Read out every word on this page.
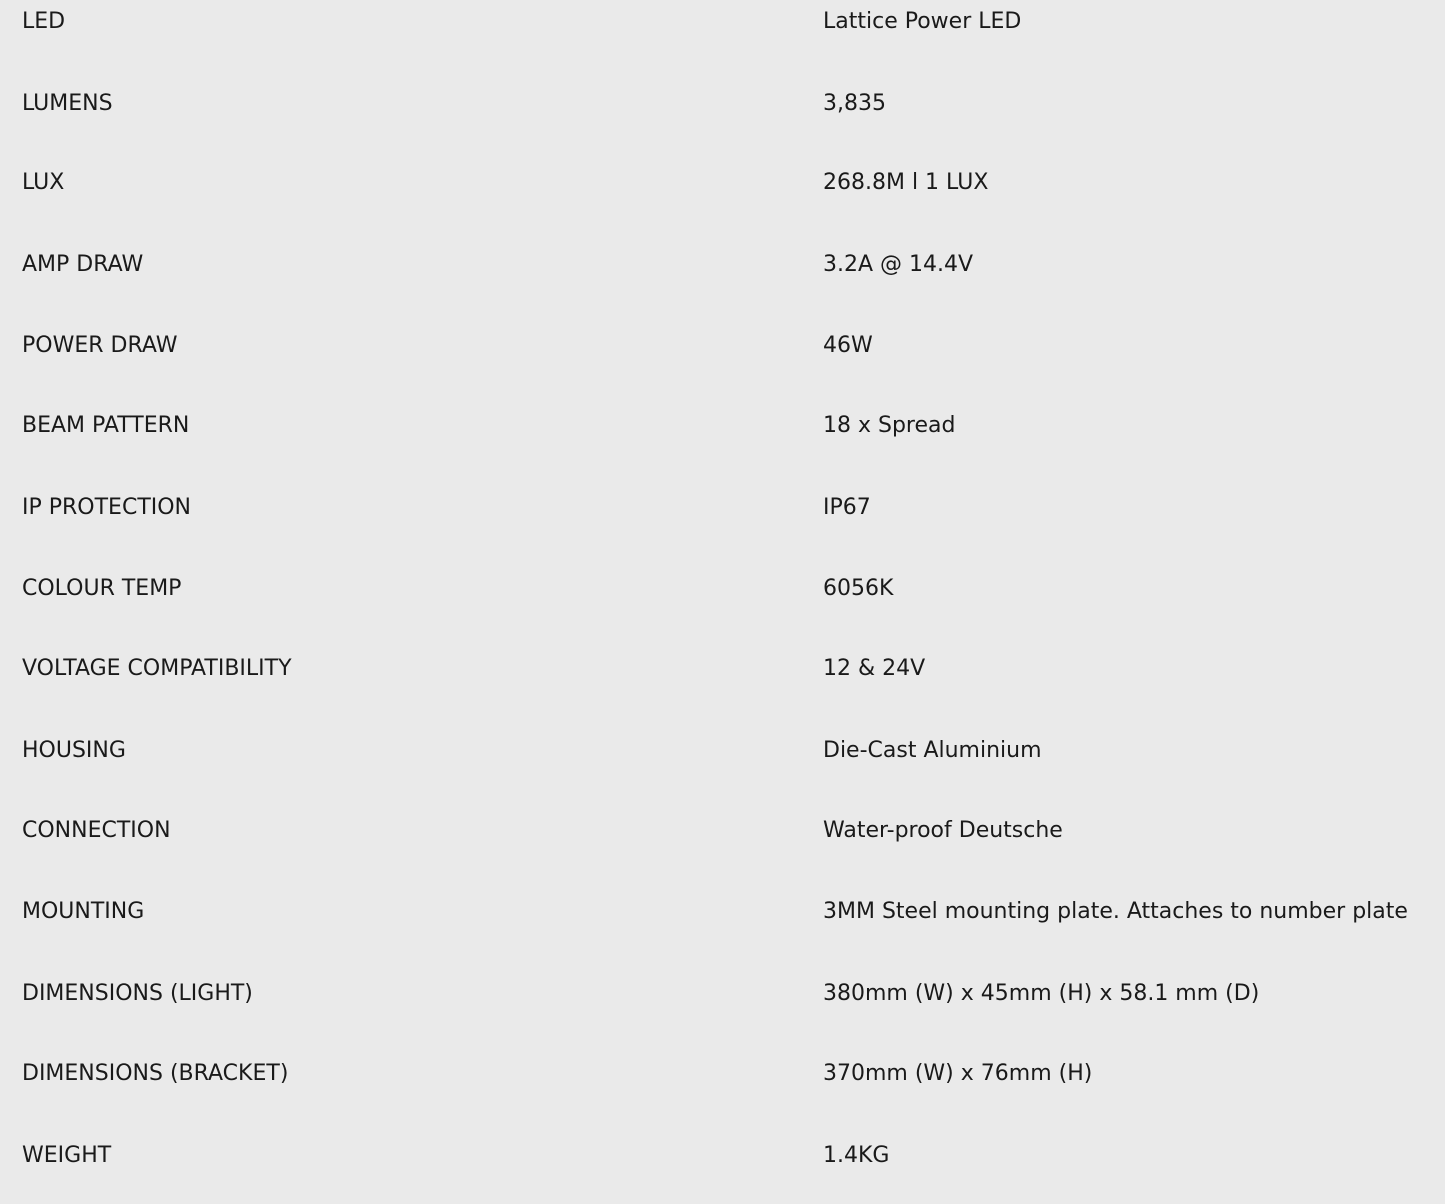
LED	Lattice Power LED
LUMENS	3,835
LUX	268.8M l 1 LUX
AMP DRAW	3.2A @ 14.4V
POWER DRAW	46W
BEAM PATTERN	18 x Spread
IP PROTECTION	IP67
COLOUR TEMP	6056K
VOLTAGE COMPATIBILITY	12 & 24V
HOUSING	Die-Cast Aluminium
CONNECTION	Water-proof Deutsche
MOUNTING	3MM Steel mounting plate. Attaches to number plate
DIMENSIONS (LIGHT)	380mm (W) x 45mm (H) x 58.1 mm (D)
DIMENSIONS (BRACKET)	370mm (W) x 76mm (H)
WEIGHT	1.4KG
